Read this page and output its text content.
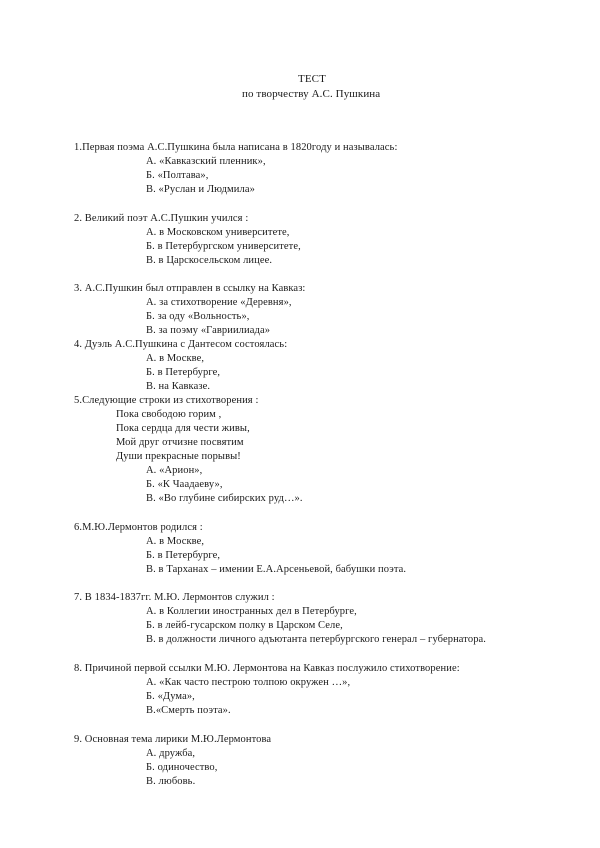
ТЕСТ
по творчеству А.С. Пушкина
1.Первая поэма А.С.Пушкина была написана в 1820году и называлась:
А. «Кавказский пленник»,
Б. «Полтава»,
В. «Руслан и Людмила»
2. Великий поэт А.С.Пушкин учился :
А. в Московском университете,
Б. в Петербургском университете,
В. в Царскосельском лицее.
3. А.С.Пушкин был отправлен в ссылку на Кавказ:
А. за стихотворение «Деревня»,
Б. за оду «Вольность»,
В. за поэму «Гавриилиада»
4. Дуэль А.С.Пушкина с Дантесом состоялась:
А. в Москве,
Б. в Петербурге,
В. на Кавказе.
5.Следующие строки из стихотворения :
Пока свободою горим ,
Пока сердца для чести живы,
Мой друг отчизне посвятим
Души прекрасные порывы!
А. «Арион»,
Б. «К Чаадаеву»,
В. «Во глубине сибирских руд…».
6.М.Ю.Лермонтов родился :
А. в Москве,
Б. в Петербурге,
В. в Тарханах – имении Е.А.Арсеньевой, бабушки поэта.
7. В 1834-1837гг. М.Ю. Лермонтов служил :
А. в Коллегии иностранных дел в Петербурге,
Б. в лейб-гусарском полку в Царском Селе,
В. в должности личного адъютанта петербургского генерал – губернатора.
8. Причиной первой ссылки М.Ю. Лермонтова на Кавказ послужило стихотворение:
А. «Как часто пестрою толпою окружен …»,
Б. «Дума»,
В.«Смерть поэта».
9. Основная тема лирики М.Ю.Лермонтова
А. дружба,
Б. одиночество,
В. любовь.
